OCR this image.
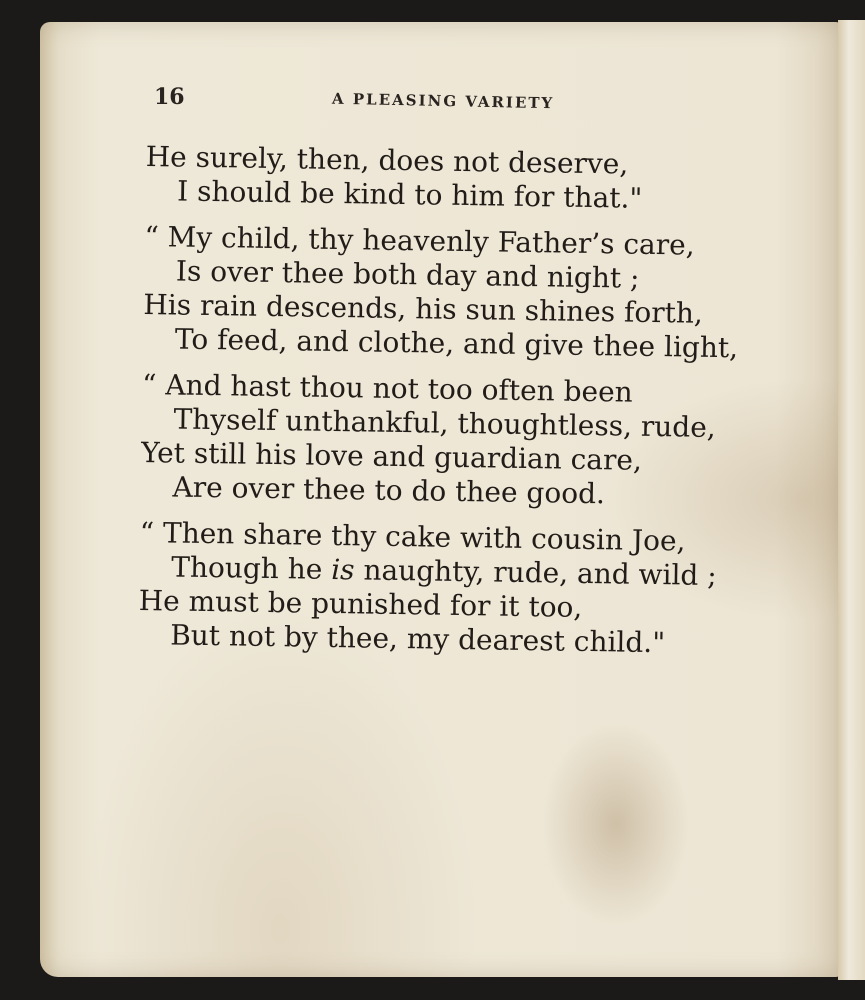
16	A PLEASING VARIETY
He surely, then, does not deserve,
I should be kind to him for that."
“ My child, thy heavenly Father’s care,
Is over thee both day and night ;
His rain descends, his sun shines forth,
To feed, and clothe, and give thee light,
“ And hast thou not too often been
Thyself unthankful, thoughtless, rude,
Yet still his love and guardian care,
Are over thee to do thee good.
“ Then share thy cake with cousin Joe,
Though he is naughty, rude, and wild ;
He must be punished for it too,
But not by thee, my dearest child."
